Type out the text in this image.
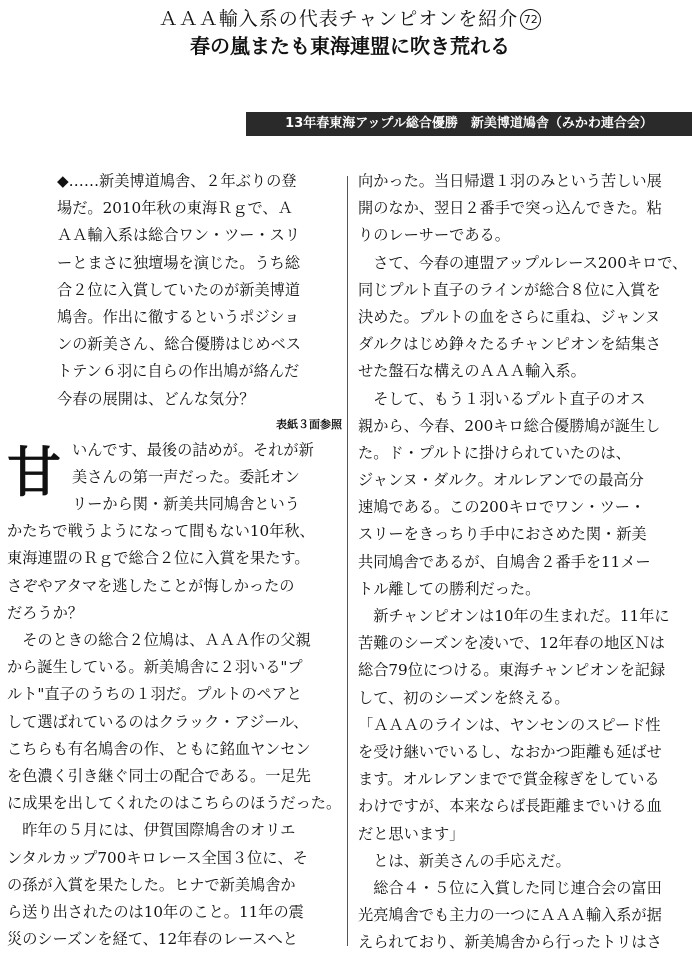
ＡＡＡ輸入系の代表チャンピオンを紹介 72
春の嵐またも東海連盟に吹き荒れる
13年春東海アップル総合優勝　新美博道鳩舎（みかわ連合会）
◆……新美博道鳩舎、２年ぶりの登
場だ。2010年秋の東海Ｒｇで、Ａ
ＡＡ輸入系は総合ワン・ツー・スリ
ーとまさに独壇場を演じた。うち総
合２位に入賞していたのが新美博道
鳩舎。作出に徹するというポジショ
ンの新美さん、総合優勝はじめベス
トテン６羽に自らの作出鳩が絡んだ
今春の展開は、どんな気分？
表紙３面参照
甘 いんです、最後の詰めが。それが新
美さんの第一声だった。委託オン
リーから関・新美共同鳩舎という
かたちで戦うようになって間もない10年秋、
東海連盟のＲｇで総合２位に入賞を果たす。
さぞやアタマを逃したことが悔しかったの
だろうか？
　そのときの総合２位鳩は、ＡＡＡ作の父親
から誕生している。新美鳩舎に２羽いる"プ
ルト"直子のうちの１羽だ。プルトのペアと
して選ばれているのはクラック・アジール、
こちらも有名鳩舎の作、ともに銘血ヤンセン
を色濃く引き継ぐ同士の配合である。一足先
に成果を出してくれたのはこちらのほうだった。
　昨年の５月には、伊賀国際鳩舎のオリエ
ンタルカップ700キロレース全国３位に、そ
の孫が入賞を果たした。ヒナで新美鳩舎か
ら送り出されたのは10年のこと。11年の震
災のシーズンを経て、12年春のレースへと
向かった。当日帰還１羽のみという苦しい展
開のなか、翌日２番手で突っ込んできた。粘
りのレーサーである。
　さて、今春の連盟アップルレース200キロで、
同じプルト直子のラインが総合８位に入賞を
決めた。プルトの血をさらに重ね、ジャンヌ
ダルクはじめ錚々たるチャンピオンを結集さ
せた盤石な構えのＡＡＡ輸入系。
　そして、もう１羽いるプルト直子のオス
親から、今春、200キロ総合優勝鳩が誕生し
た。ド・プルトに掛けられていたのは、
ジャンヌ・ダルク。オルレアンでの最高分
速鳩である。この200キロでワン・ツー・
スリーをきっちり手中におさめた関・新美
共同鳩舎であるが、自鳩舎２番手を11メー
トル離しての勝利だった。
　新チャンピオンは10年の生まれだ。11年に
苦難のシーズンを凌いで、12年春の地区Ｎは
総合79位につける。東海チャンピオンを記録
して、初のシーズンを終える。
「ＡＡＡのラインは、ヤンセンのスピード性
を受け継いでいるし、なおかつ距離も延ばせ
ます。オルレアンまでで賞金稼ぎをしている
わけですが、本来ならば長距離までいける血
だと思います」
　とは、新美さんの手応えだ。
　総合４・５位に入賞した同じ連合会の富田
光亮鳩舎でも主力の一つにＡＡＡ輸入系が据
えられており、新美鳩舎から行ったトリはさ
